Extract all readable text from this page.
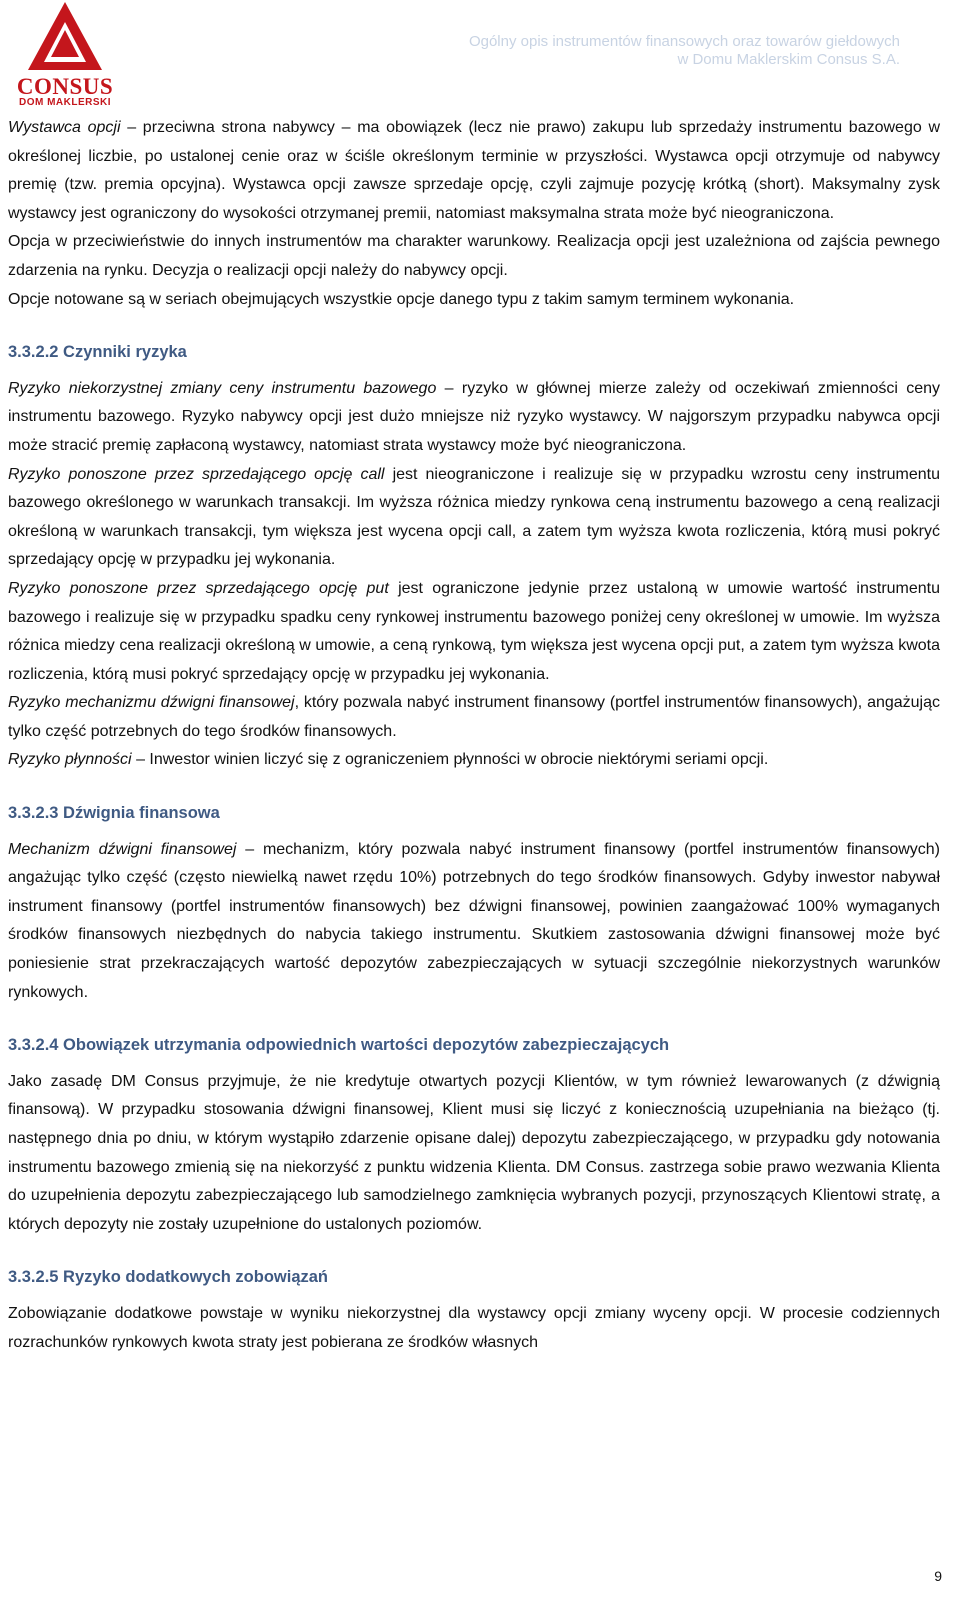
CONSUS
DOM MAKLERSKI
Ogólny opis instrumentów finansowych oraz towarów giełdowych
w Domu Maklerskim Consus S.A.

Wystawca opcji – przeciwna strona nabywcy – ma obowiązek (lecz nie prawo) zakupu lub sprzedaży instrumentu bazowego w określonej liczbie, po ustalonej cenie oraz w ściśle określonym terminie w przyszłości. Wystawca opcji otrzymuje od nabywcy premię (tzw. premia opcyjna). Wystawca opcji zawsze sprzedaje opcję, czyli zajmuje pozycję krótką (short). Maksymalny zysk wystawcy jest ograniczony do wysokości otrzymanej premii, natomiast maksymalna strata może być nieograniczona.

Opcja w przeciwieństwie do innych instrumentów ma charakter warunkowy. Realizacja opcji jest uzależniona od zajścia pewnego zdarzenia na rynku. Decyzja o realizacji opcji należy do nabywcy opcji.

Opcje notowane są w seriach obejmujących wszystkie opcje danego typu z takim samym terminem wykonania.

3.3.2.2 Czynniki ryzyka

Ryzyko niekorzystnej zmiany ceny instrumentu bazowego – ryzyko w głównej mierze zależy od oczekiwań zmienności ceny instrumentu bazowego. Ryzyko nabywcy opcji jest dużo mniejsze niż ryzyko wystawcy. W najgorszym przypadku nabywca opcji może stracić premię zapłaconą wystawcy, natomiast strata wystawcy może być nieograniczona.

Ryzyko ponoszone przez sprzedającego opcję call jest nieograniczone i realizuje się w przypadku wzrostu ceny instrumentu bazowego określonego w warunkach transakcji. Im wyższa różnica miedzy rynkowa ceną instrumentu bazowego a ceną realizacji określoną w warunkach transakcji, tym większa jest wycena opcji call, a zatem tym wyższa kwota rozliczenia, którą musi pokryć sprzedający opcję w przypadku jej wykonania.

Ryzyko ponoszone przez sprzedającego opcję put jest ograniczone jedynie przez ustaloną w umowie wartość instrumentu bazowego i realizuje się w przypadku spadku ceny rynkowej instrumentu bazowego poniżej ceny określonej w umowie. Im wyższa różnica miedzy cena realizacji określoną w umowie, a ceną rynkową, tym większa jest wycena opcji put, a zatem tym wyższa kwota rozliczenia, którą musi pokryć sprzedający opcję w przypadku jej wykonania.

Ryzyko mechanizmu dźwigni finansowej, który pozwala nabyć instrument finansowy (portfel instrumentów finansowych), angażując tylko część potrzebnych do tego środków finansowych.

Ryzyko płynności – Inwestor winien liczyć się z ograniczeniem płynności w obrocie niektórymi seriami opcji.

3.3.2.3 Dźwignia finansowa

Mechanizm dźwigni finansowej – mechanizm, który pozwala nabyć instrument finansowy (portfel instrumentów finansowych) angażując tylko część (często niewielką nawet rzędu 10%) potrzebnych do tego środków finansowych. Gdyby inwestor nabywał instrument finansowy (portfel instrumentów finansowych) bez dźwigni finansowej, powinien zaangażować 100% wymaganych środków finansowych niezbędnych do nabycia takiego instrumentu. Skutkiem zastosowania dźwigni finansowej może być poniesienie strat przekraczających wartość depozytów zabezpieczających w sytuacji szczególnie niekorzystnych warunków rynkowych.

3.3.2.4 Obowiązek utrzymania odpowiednich wartości depozytów zabezpieczających

Jako zasadę DM Consus przyjmuje, że nie kredytuje otwartych pozycji Klientów, w tym również lewarowanych (z dźwignią finansową). W przypadku stosowania dźwigni finansowej, Klient musi się liczyć z koniecznością uzupełniania na bieżąco (tj. następnego dnia po dniu, w którym wystąpiło zdarzenie opisane dalej) depozytu zabezpieczającego, w przypadku gdy notowania instrumentu bazowego zmienią się na niekorzyść z punktu widzenia Klienta. DM Consus. zastrzega sobie prawo wezwania Klienta do uzupełnienia depozytu zabezpieczającego lub samodzielnego zamknięcia wybranych pozycji, przynoszących Klientowi stratę, a których depozyty nie zostały uzupełnione do ustalonych poziomów.

3.3.2.5 Ryzyko dodatkowych zobowiązań

Zobowiązanie dodatkowe powstaje w wyniku niekorzystnej dla wystawcy opcji zmiany wyceny opcji. W procesie codziennych rozrachunków rynkowych kwota straty jest pobierana ze środków własnych

9
